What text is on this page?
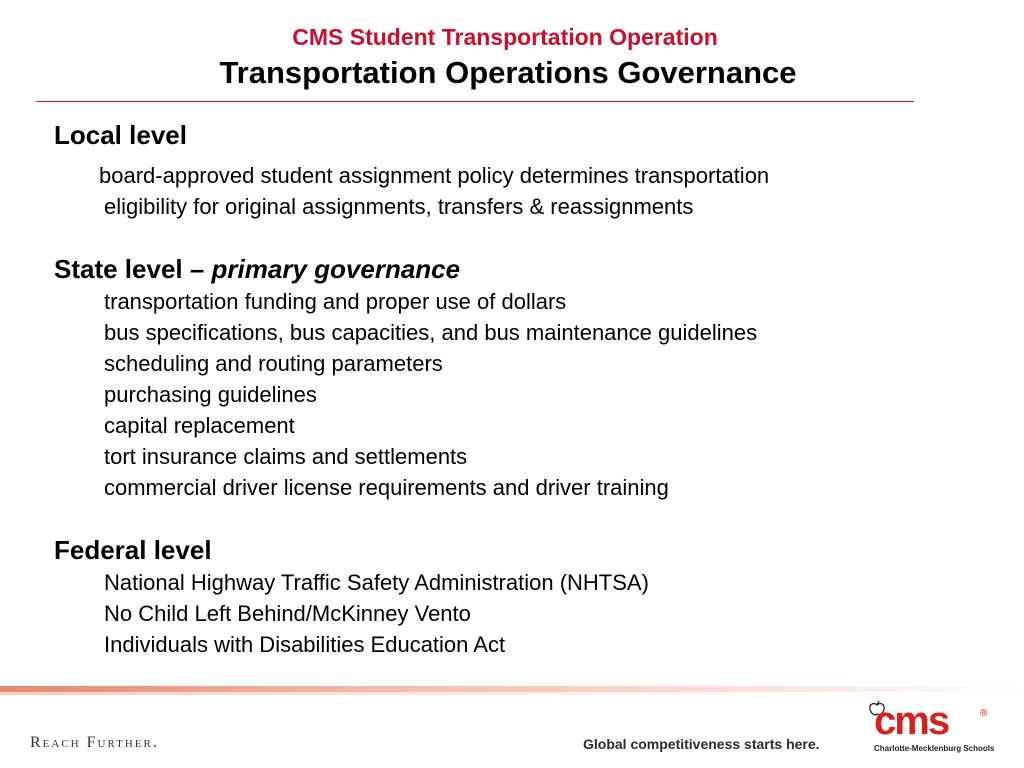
CMS Student Transportation Operation
Transportation Operations Governance
Local level
board-approved student assignment policy determines transportation
eligibility for original assignments, transfers & reassignments
State level – primary governance
transportation funding and proper use of dollars
bus specifications, bus capacities, and bus maintenance guidelines
scheduling and routing parameters
purchasing guidelines
capital replacement
tort insurance claims and settlements
commercial driver license requirements and driver training
Federal level
National Highway Traffic Safety Administration (NHTSA)
No Child Left Behind/McKinney Vento
Individuals with Disabilities Education Act
Reach Further.	Global competitiveness starts here.
cms	®
Charlotte-Mecklenburg Schools
